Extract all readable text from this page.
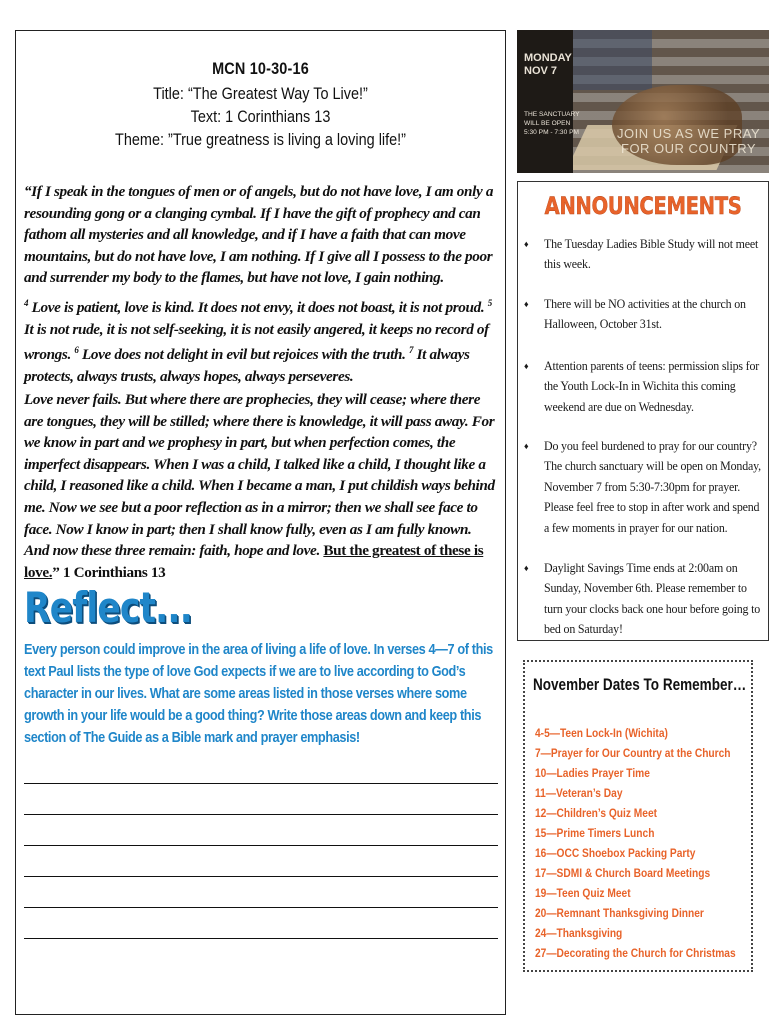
MCN 10-30-16
Title: “The Greatest Way To Live!”
Text: 1 Corinthians 13
Theme: ”True greatness is living a loving life!”
“If I speak in the tongues of men or of angels, but do not have love, I am only a resounding gong or a clanging cymbal. If I have the gift of prophecy and can fathom all mysteries and all knowledge, and if I have a faith that can move mountains, but do not have love, I am nothing. If I give all I possess to the poor and surrender my body to the flames, but have not love, I gain nothing.
$^4$ Love is patient, love is kind. It does not envy, it does not boast, it is not proud. $^5$ It is not rude, it is not self-seeking, it is not easily angered, it keeps no record of wrongs. $^6$ Love does not delight in evil but rejoices with the truth. $^7$ It always protects, always trusts, always hopes, always perseveres.
Love never fails. But where there are prophecies, they will cease; where there are tongues, they will be stilled; where there is knowledge, it will pass away. For we know in part and we prophesy in part, but when perfection comes, the imperfect disappears. When I was a child, I talked like a child, I thought like a child, I reasoned like a child. When I became a man, I put childish ways behind me. Now we see but a poor reflection as in a mirror; then we shall see face to face. Now I know in part; then I shall know fully, even as I am fully known. And now these three remain: faith, hope and love. But the greatest of these is love.” 1 Corinthians 13
Reflect...
Every person could improve in the area of living a life of love. In verses 4—7 of this text Paul lists the type of love God expects if we are to live according to God’s character in our lives. What are some areas listed in those verses where some growth in your life would be a good thing? Write those areas down and keep this section of The Guide as a Bible mark and prayer emphasis!
MONDAY
NOV 7
THE SANCTUARY
WILL BE OPEN
5:30 PM - 7:30 PM	JOIN US AS WE PRAY
FOR OUR COUNTRY
ANNOUNCEMENTS
♦ The Tuesday Ladies Bible Study will not meet this week.
♦ There will be NO activities at the church on Halloween, October 31st.
♦ Attention parents of teens: permission slips for the Youth Lock-In in Wichita this coming weekend are due on Wednesday.
♦ Do you feel burdened to pray for our country? The church sanctuary will be open on Monday, November 7 from 5:30-7:30pm for prayer. Please feel free to stop in after work and spend a few moments in prayer for our nation.
♦ Daylight Savings Time ends at 2:00am on Sunday, November 6th. Please remember to turn your clocks back one hour before going to bed on Saturday!
November Dates To Remember…
4-5—Teen Lock-In (Wichita)
7—Prayer for Our Country at the Church
10—Ladies Prayer Time
11—Veteran’s Day
12—Children’s Quiz Meet
15—Prime Timers Lunch
16—OCC Shoebox Packing Party
17—SDMI & Church Board Meetings
19—Teen Quiz Meet
20—Remnant Thanksgiving Dinner
24—Thanksgiving
27—Decorating the Church for Christmas
